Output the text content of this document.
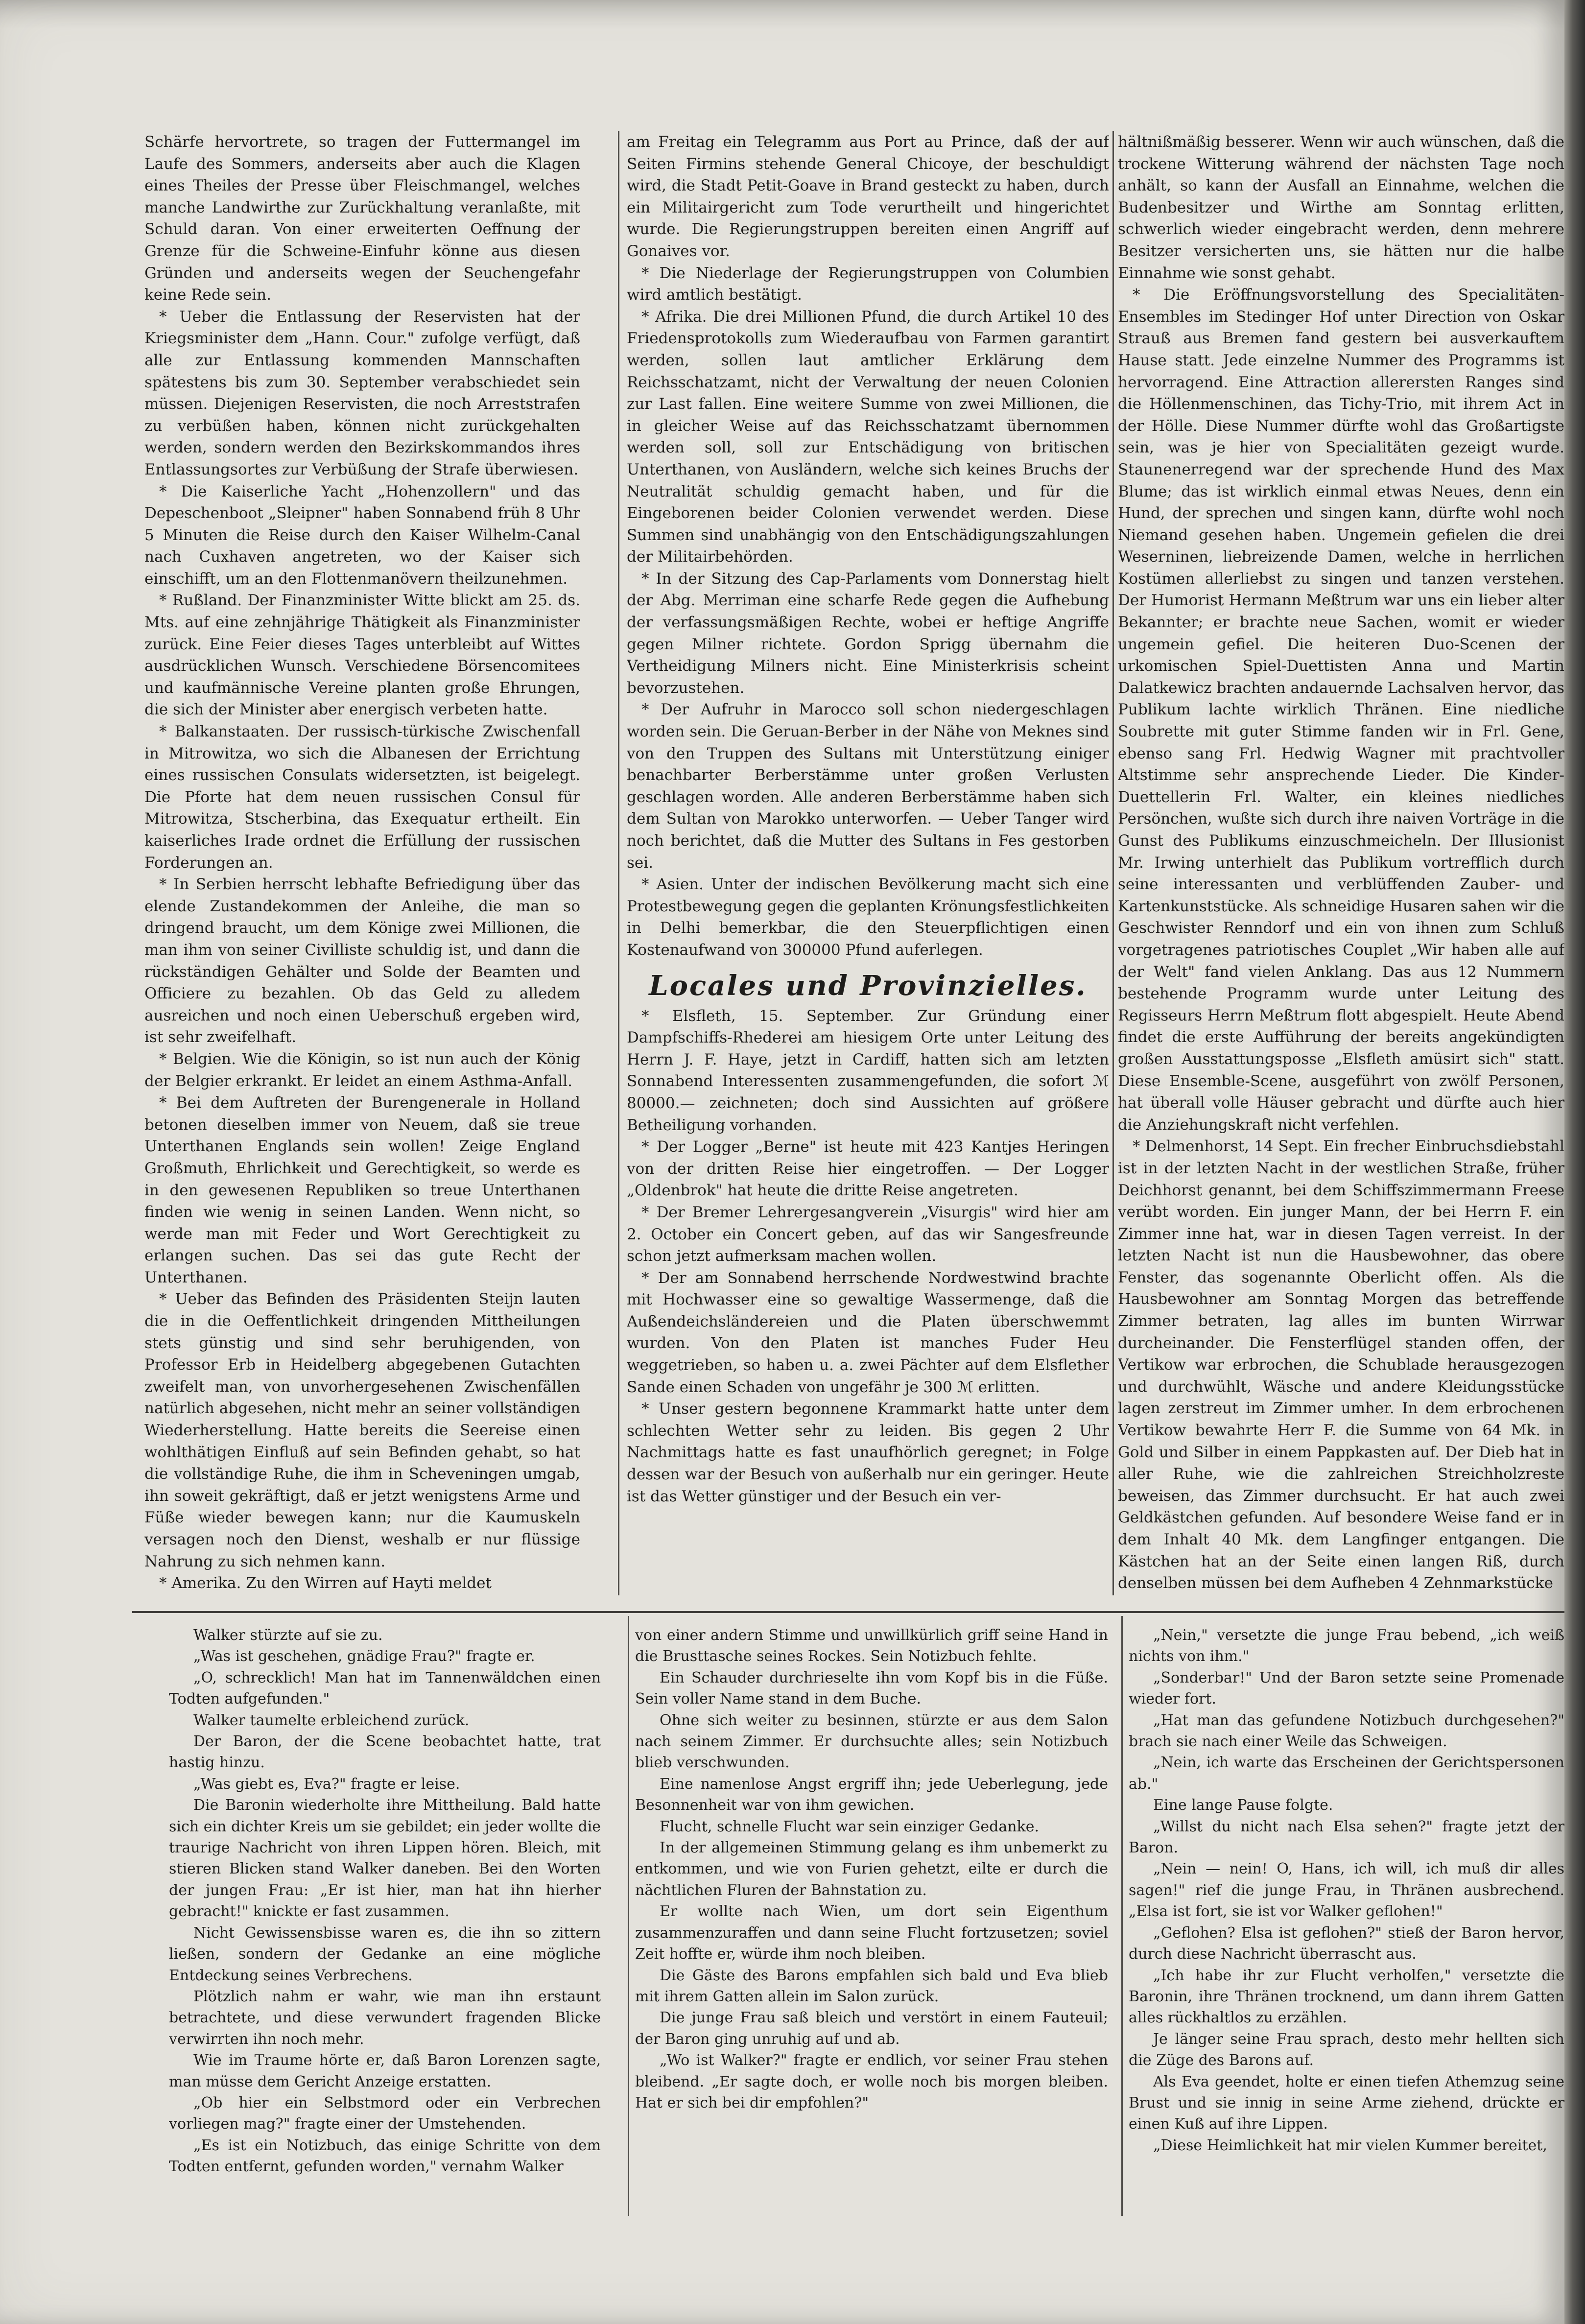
Schärfe hervortrete, so tragen der Futtermangel im Laufe des Sommers, anderseits aber auch die Klagen eines Theiles der Presse über Fleischmangel, welches manche Landwirthe zur Zurückhaltung veranlaßte, mit Schuld daran. Von einer erweiterten Oeffnung der Grenze für die Schweine-Einfuhr könne aus diesen Gründen und anderseits wegen der Seuchengefahr keine Rede sein.

* Ueber die Entlassung der Reservisten hat der Kriegsminister dem „Hann. Cour." zufolge verfügt, daß alle zur Entlassung kommenden Mannschaften spätestens bis zum 30. September verabschiedet sein müssen. Diejenigen Reservisten, die noch Arreststrafen zu verbüßen haben, können nicht zurückgehalten werden, sondern werden den Bezirkskommandos ihres Entlassungsortes zur Verbüßung der Strafe überwiesen.

* Die Kaiserliche Yacht „Hohenzollern" und das Depeschenboot „Sleipner" haben Sonnabend früh 8 Uhr 5 Minuten die Reise durch den Kaiser Wilhelm-Canal nach Cuxhaven angetreten, wo der Kaiser sich einschifft, um an den Flottenmanövern theilzunehmen.

* Rußland. Der Finanzminister Witte blickt am 25. ds. Mts. auf eine zehnjährige Thätigkeit als Finanzminister zurück. Eine Feier dieses Tages unterbleibt auf Wittes ausdrücklichen Wunsch. Verschiedene Börsencomitees und kaufmännische Vereine planten große Ehrungen, die sich der Minister aber energisch verbeten hatte.

* Balkanstaaten. Der russisch-türkische Zwischenfall in Mitrowitza, wo sich die Albanesen der Errichtung eines russischen Consulats widersetzten, ist beigelegt. Die Pforte hat dem neuen russischen Consul für Mitrowitza, Stscherbina, das Exequatur ertheilt. Ein kaiserliches Irade ordnet die Erfüllung der russischen Forderungen an.

* In Serbien herrscht lebhafte Befriedigung über das elende Zustandekommen der Anleihe, die man so dringend braucht, um dem Könige zwei Millionen, die man ihm von seiner Civilliste schuldig ist, und dann die rückständigen Gehälter und Solde der Beamten und Officiere zu bezahlen. Ob das Geld zu alledem ausreichen und noch einen Ueberschuß ergeben wird, ist sehr zweifelhaft.

* Belgien. Wie die Königin, so ist nun auch der König der Belgier erkrankt. Er leidet an einem Asthma-Anfall.

* Bei dem Auftreten der Burengenerale in Holland betonen dieselben immer von Neuem, daß sie treue Unterthanen Englands sein wollen! Zeige England Großmuth, Ehrlichkeit und Gerechtigkeit, so werde es in den gewesenen Republiken so treue Unterthanen finden wie wenig in seinen Landen. Wenn nicht, so werde man mit Feder und Wort Gerechtigkeit zu erlangen suchen. Das sei das gute Recht der Unterthanen.

* Ueber das Befinden des Präsidenten Steijn lauten die in die Oeffentlichkeit dringenden Mittheilungen stets günstig und sind sehr beruhigenden, von Professor Erb in Heidelberg abgegebenen Gutachten zweifelt man, von unvorhergesehenen Zwischenfällen natürlich abgesehen, nicht mehr an seiner vollständigen Wiederherstellung. Hatte bereits die Seereise einen wohlthätigen Einfluß auf sein Befinden gehabt, so hat die vollständige Ruhe, die ihm in Scheveningen umgab, ihn soweit gekräftigt, daß er jetzt wenigstens Arme und Füße wieder bewegen kann; nur die Kaumuskeln versagen noch den Dienst, weshalb er nur flüssige Nahrung zu sich nehmen kann.

* Amerika. Zu den Wirren auf Hayti meldet

am Freitag ein Telegramm aus Port au Prince, daß der auf Seiten Firmins stehende General Chicoye, der beschuldigt wird, die Stadt Petit-Goave in Brand gesteckt zu haben, durch ein Militairgericht zum Tode verurtheilt und hingerichtet wurde. Die Regierungstruppen bereiten einen Angriff auf Gonaives vor.

* Die Niederlage der Regierungstruppen von Columbien wird amtlich bestätigt.

* Afrika. Die drei Millionen Pfund, die durch Artikel 10 des Friedensprotokolls zum Wiederaufbau von Farmen garantirt werden, sollen laut amtlicher Erklärung dem Reichsschatzamt, nicht der Verwaltung der neuen Colonien zur Last fallen. Eine weitere Summe von zwei Millionen, die in gleicher Weise auf das Reichsschatzamt übernommen werden soll, soll zur Entschädigung von britischen Unterthanen, von Ausländern, welche sich keines Bruchs der Neutralität schuldig gemacht haben, und für die Eingeborenen beider Colonien verwendet werden. Diese Summen sind unabhängig von den Entschädigungszahlungen der Militairbehörden.

* In der Sitzung des Cap-Parlaments vom Donnerstag hielt der Abg. Merriman eine scharfe Rede gegen die Aufhebung der verfassungsmäßigen Rechte, wobei er heftige Angriffe gegen Milner richtete. Gordon Sprigg übernahm die Vertheidigung Milners nicht. Eine Ministerkrisis scheint bevorzustehen.

* Der Aufruhr in Marocco soll schon niedergeschlagen worden sein. Die Geruan-Berber in der Nähe von Meknes sind von den Truppen des Sultans mit Unterstützung einiger benachbarter Berberstämme unter großen Verlusten geschlagen worden. Alle anderen Berberstämme haben sich dem Sultan von Marokko unterworfen. — Ueber Tanger wird noch berichtet, daß die Mutter des Sultans in Fes gestorben sei.

* Asien. Unter der indischen Bevölkerung macht sich eine Protestbewegung gegen die geplanten Krönungsfestlichkeiten in Delhi bemerkbar, die den Steuerpflichtigen einen Kostenaufwand von 300000 Pfund auferlegen.

Locales und Provinzielles.

* Elsfleth, 15. September. Zur Gründung einer Dampfschiffs-Rhederei am hiesigem Orte unter Leitung des Herrn J. F. Haye, jetzt in Cardiff, hatten sich am letzten Sonnabend Interessenten zusammengefunden, die sofort ℳ 80000.— zeichneten; doch sind Aussichten auf größere Betheiligung vorhanden.

* Der Logger „Berne" ist heute mit 423 Kantjes Heringen von der dritten Reise hier eingetroffen. — Der Logger „Oldenbrok" hat heute die dritte Reise angetreten.

* Der Bremer Lehrergesangverein „Visurgis" wird hier am 2. October ein Concert geben, auf das wir Sangesfreunde schon jetzt aufmerksam machen wollen.

* Der am Sonnabend herrschende Nordwestwind brachte mit Hochwasser eine so gewaltige Wassermenge, daß die Außendeichsländereien und die Platen überschwemmt wurden. Von den Platen ist manches Fuder Heu weggetrieben, so haben u. a. zwei Pächter auf dem Elsflether Sande einen Schaden von ungefähr je 300 ℳ erlitten.

* Unser gestern begonnene Krammarkt hatte unter dem schlechten Wetter sehr zu leiden. Bis gegen 2 Uhr Nachmittags hatte es fast unaufhörlich geregnet; in Folge dessen war der Besuch von außerhalb nur ein geringer. Heute ist das Wetter günstiger und der Besuch ein ver-

hältnißmäßig besserer. Wenn wir auch wünschen, daß die trockene Witterung während der nächsten Tage noch anhält, so kann der Ausfall an Einnahme, welchen die Budenbesitzer und Wirthe am Sonntag erlitten, schwerlich wieder eingebracht werden, denn mehrere Besitzer versicherten uns, sie hätten nur die halbe Einnahme wie sonst gehabt.

* Die Eröffnungsvorstellung des Specialitäten-Ensembles im Stedinger Hof unter Direction von Oskar Strauß aus Bremen fand gestern bei ausverkauftem Hause statt. Jede einzelne Nummer des Programms ist hervorragend. Eine Attraction allerersten Ranges sind die Höllenmenschinen, das Tichy-Trio, mit ihrem Act in der Hölle. Diese Nummer dürfte wohl das Großartigste sein, was je hier von Specialitäten gezeigt wurde. Staunenerregend war der sprechende Hund des Max Blume; das ist wirklich einmal etwas Neues, denn ein Hund, der sprechen und singen kann, dürfte wohl noch Niemand gesehen haben. Ungemein gefielen die drei Weserninen, liebreizende Damen, welche in herrlichen Kostümen allerliebst zu singen und tanzen verstehen. Der Humorist Hermann Meßtrum war uns ein lieber alter Bekannter; er brachte neue Sachen, womit er wieder ungemein gefiel. Die heiteren Duo-Scenen der urkomischen Spiel-Duettisten Anna und Martin Dalatkewicz brachten andauernde Lachsalven hervor, das Publikum lachte wirklich Thränen. Eine niedliche Soubrette mit guter Stimme fanden wir in Frl. Gene, ebenso sang Frl. Hedwig Wagner mit prachtvoller Altstimme sehr ansprechende Lieder. Die Kinder-Duettellerin Frl. Walter, ein kleines niedliches Persönchen, wußte sich durch ihre naiven Vorträge in die Gunst des Publikums einzuschmeicheln. Der Illusionist Mr. Irwing unterhielt das Publikum vortrefflich durch seine interessanten und verblüffenden Zauber- und Kartenkunststücke. Als schneidige Husaren sahen wir die Geschwister Renndorf und ein von ihnen zum Schluß vorgetragenes patriotisches Couplet „Wir haben alle auf der Welt" fand vielen Anklang. Das aus 12 Nummern bestehende Programm wurde unter Leitung des Regisseurs Herrn Meßtrum flott abgespielt. Heute Abend findet die erste Aufführung der bereits angekündigten großen Ausstattungsposse „Elsfleth amüsirt sich" statt. Diese Ensemble-Scene, ausgeführt von zwölf Personen, hat überall volle Häuser gebracht und dürfte auch hier die Anziehungskraft nicht verfehlen.

* Delmenhorst, 14 Sept. Ein frecher Einbruchsdiebstahl ist in der letzten Nacht in der westlichen Straße, früher Deichhorst genannt, bei dem Schiffszimmermann Freese verübt worden. Ein junger Mann, der bei Herrn F. ein Zimmer inne hat, war in diesen Tagen verreist. In der letzten Nacht ist nun die Hausbewohner, das obere Fenster, das sogenannte Oberlicht offen. Als die Hausbewohner am Sonntag Morgen das betreffende Zimmer betraten, lag alles im bunten Wirrwar durcheinander. Die Fensterflügel standen offen, der Vertikow war erbrochen, die Schublade herausgezogen und durchwühlt, Wäsche und andere Kleidungsstücke lagen zerstreut im Zimmer umher. In dem erbrochenen Vertikow bewahrte Herr F. die Summe von 64 Mk. in Gold und Silber in einem Pappkasten auf. Der Dieb hat in aller Ruhe, wie die zahlreichen Streichholzreste beweisen, das Zimmer durchsucht. Er hat auch zwei Geldkästchen gefunden. Auf besondere Weise fand er in dem Inhalt 40 Mk. dem Langfinger entgangen. Die Kästchen hat an der Seite einen langen Riß, durch denselben müssen bei dem Aufheben 4 Zehnmarkstücke

Walker stürzte auf sie zu.

„Was ist geschehen, gnädige Frau?" fragte er.

„O, schrecklich! Man hat im Tannenwäldchen einen Todten aufgefunden."

Walker taumelte erbleichend zurück.

Der Baron, der die Scene beobachtet hatte, trat hastig hinzu.

„Was giebt es, Eva?" fragte er leise.

Die Baronin wiederholte ihre Mittheilung. Bald hatte sich ein dichter Kreis um sie gebildet; ein jeder wollte die traurige Nachricht von ihren Lippen hören. Bleich, mit stieren Blicken stand Walker daneben. Bei den Worten der jungen Frau: „Er ist hier, man hat ihn hierher gebracht!" knickte er fast zusammen.

Nicht Gewissensbisse waren es, die ihn so zittern ließen, sondern der Gedanke an eine mögliche Entdeckung seines Verbrechens.

Plötzlich nahm er wahr, wie man ihn erstaunt betrachtete, und diese verwundert fragenden Blicke verwirrten ihn noch mehr.

Wie im Traume hörte er, daß Baron Lorenzen sagte, man müsse dem Gericht Anzeige erstatten.

„Ob hier ein Selbstmord oder ein Verbrechen vorliegen mag?" fragte einer der Umstehenden.

„Es ist ein Notizbuch, das einige Schritte von dem Todten entfernt, gefunden worden," vernahm Walker

von einer andern Stimme und unwillkürlich griff seine Hand in die Brusttasche seines Rockes. Sein Notizbuch fehlte.

Ein Schauder durchrieselte ihn vom Kopf bis in die Füße. Sein voller Name stand in dem Buche.

Ohne sich weiter zu besinnen, stürzte er aus dem Salon nach seinem Zimmer. Er durchsuchte alles; sein Notizbuch blieb verschwunden.

Eine namenlose Angst ergriff ihn; jede Ueberlegung, jede Besonnenheit war von ihm gewichen.

Flucht, schnelle Flucht war sein einziger Gedanke.

In der allgemeinen Stimmung gelang es ihm unbemerkt zu entkommen, und wie von Furien gehetzt, eilte er durch die nächtlichen Fluren der Bahnstation zu.

Er wollte nach Wien, um dort sein Eigenthum zusammenzuraffen und dann seine Flucht fortzusetzen; soviel Zeit hoffte er, würde ihm noch bleiben.

Die Gäste des Barons empfahlen sich bald und Eva blieb mit ihrem Gatten allein im Salon zurück.

Die junge Frau saß bleich und verstört in einem Fauteuil; der Baron ging unruhig auf und ab.

„Wo ist Walker?" fragte er endlich, vor seiner Frau stehen bleibend. „Er sagte doch, er wolle noch bis morgen bleiben. Hat er sich bei dir empfohlen?"

„Nein," versetzte die junge Frau bebend, „ich weiß nichts von ihm."

„Sonderbar!" Und der Baron setzte seine Promenade wieder fort.

„Hat man das gefundene Notizbuch durchgesehen?" brach sie nach einer Weile das Schweigen.

„Nein, ich warte das Erscheinen der Gerichtspersonen ab."

Eine lange Pause folgte.

„Willst du nicht nach Elsa sehen?" fragte jetzt der Baron.

„Nein — nein! O, Hans, ich will, ich muß dir alles sagen!" rief die junge Frau, in Thränen ausbrechend. „Elsa ist fort, sie ist vor Walker geflohen!"

„Geflohen? Elsa ist geflohen?" stieß der Baron hervor, durch diese Nachricht überrascht aus.

„Ich habe ihr zur Flucht verholfen," versetzte die Baronin, ihre Thränen trocknend, um dann ihrem Gatten alles rückhaltlos zu erzählen.

Je länger seine Frau sprach, desto mehr hellten sich die Züge des Barons auf.

Als Eva geendet, holte er einen tiefen Athemzug seine Brust und sie innig in seine Arme ziehend, drückte er einen Kuß auf ihre Lippen.

„Diese Heimlichkeit hat mir vielen Kummer bereitet,
